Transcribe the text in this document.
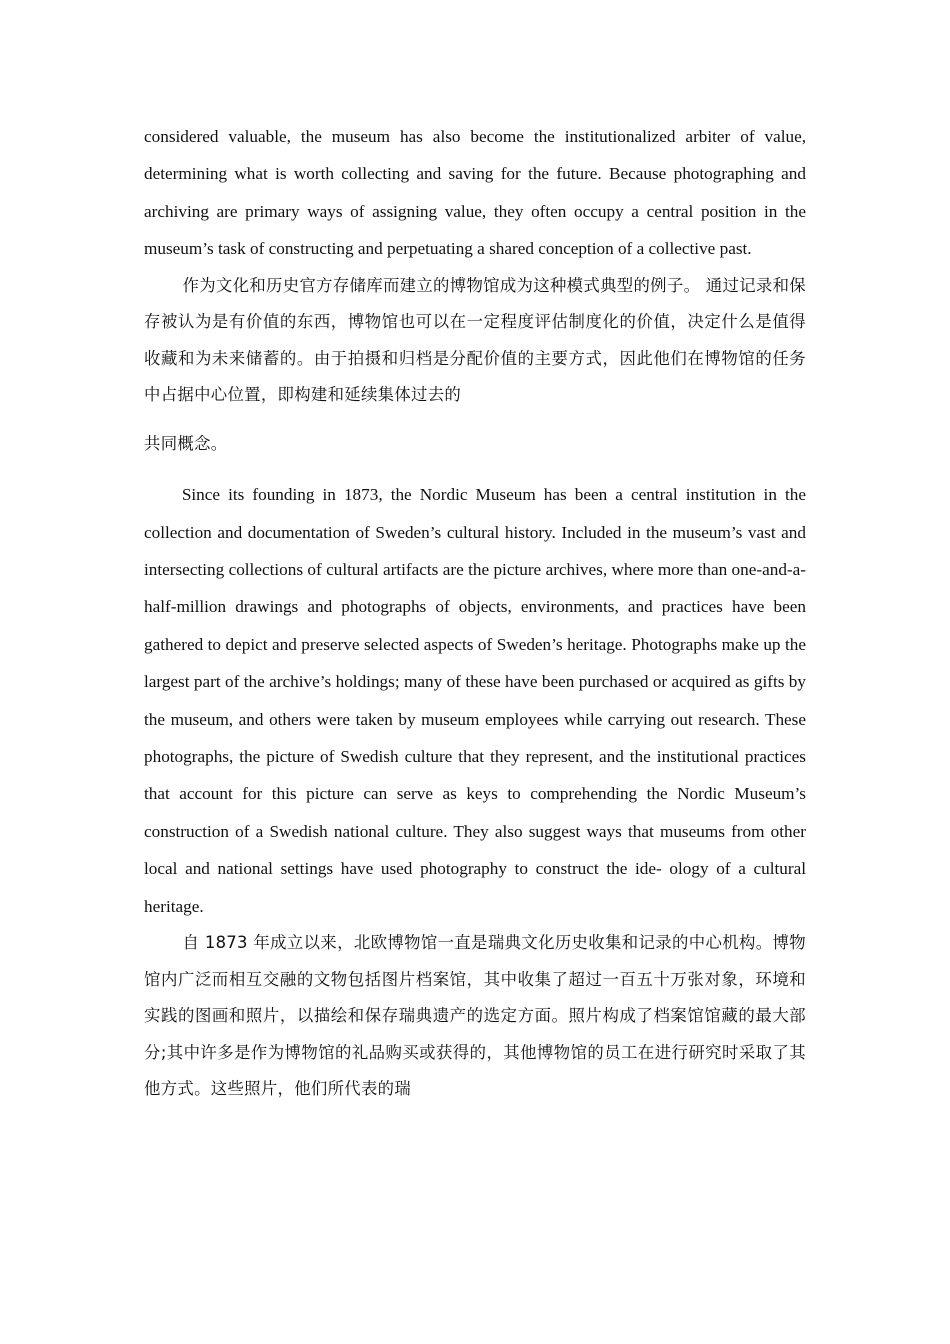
considered valuable, the museum has also become the institutionalized arbiter of value, determining what is worth collecting and saving for the future. Because photographing and archiving are primary ways of assigning value, they often occupy a central position in the museum’s task of constructing and perpetuating a shared conception of a collective past.

作为文化和历史官方存储库而建立的博物馆成为这种模式典型的例子。 通过记录和保存被认为是有价值的东西，博物馆也可以在一定程度评估制度化的价值，决定什么是值得收藏和为未来储蓄的。由于拍摄和归档是分配价值的主要方式，因此他们在博物馆的任务中占据中心位置，即构建和延续集体过去的

共同概念。

Since its founding in 1873, the Nordic Museum has been a central institution in the collection and documentation of Sweden’s cultural history. Included in the museum’s vast and intersecting collections of cultural artifacts are the picture archives, where more than one-and-a-half-million drawings and photographs of objects, environments, and practices have been gathered to depict and preserve selected aspects of Sweden’s heritage. Photographs make up the largest part of the archive’s holdings; many of these have been purchased or acquired as gifts by the museum, and others were taken by museum employees while carrying out research. These photographs, the picture of Swedish culture that they represent, and the institutional practices that account for this picture can serve as keys to comprehending the Nordic Museum’s construction of a Swedish national culture. They also suggest ways that museums from other local and national settings have used photography to construct the ide- ology of a cultural heritage.

自 1873 年成立以来，北欧博物馆一直是瑞典文化历史收集和记录的中心机构。博物馆内广泛而相互交融的文物包括图片档案馆，其中收集了超过一百五十万张对象，环境和实践的图画和照片，以描绘和保存瑞典遗产的选定方面。照片构成了档案馆馆藏的最大部分;其中许多是作为博物馆的礼品购买或获得的，其他博物馆的员工在进行研究时采取了其他方式。这些照片，他们所代表的瑞
